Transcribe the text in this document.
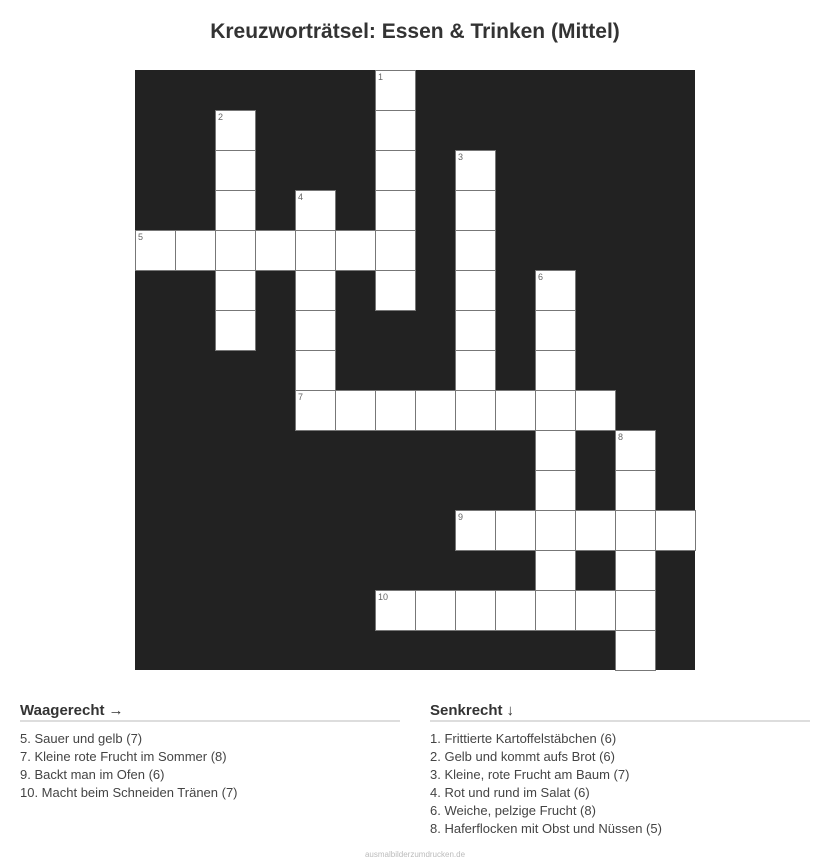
Kreuzworträtsel: Essen & Trinken (Mittel)
1
2
3
4
5
6
7
8
9
10
Waagerecht →
5. Sauer und gelb (7)
7. Kleine rote Frucht im Sommer (8)
9. Backt man im Ofen (6)
10. Macht beim Schneiden Tränen (7)
Senkrecht ↓
1. Frittierte Kartoffelstäbchen (6)
2. Gelb und kommt aufs Brot (6)
3. Kleine, rote Frucht am Baum (7)
4. Rot und rund im Salat (6)
6. Weiche, pelzige Frucht (8)
8. Haferflocken mit Obst und Nüssen (5)
ausmalbilderzumdrucken.de
